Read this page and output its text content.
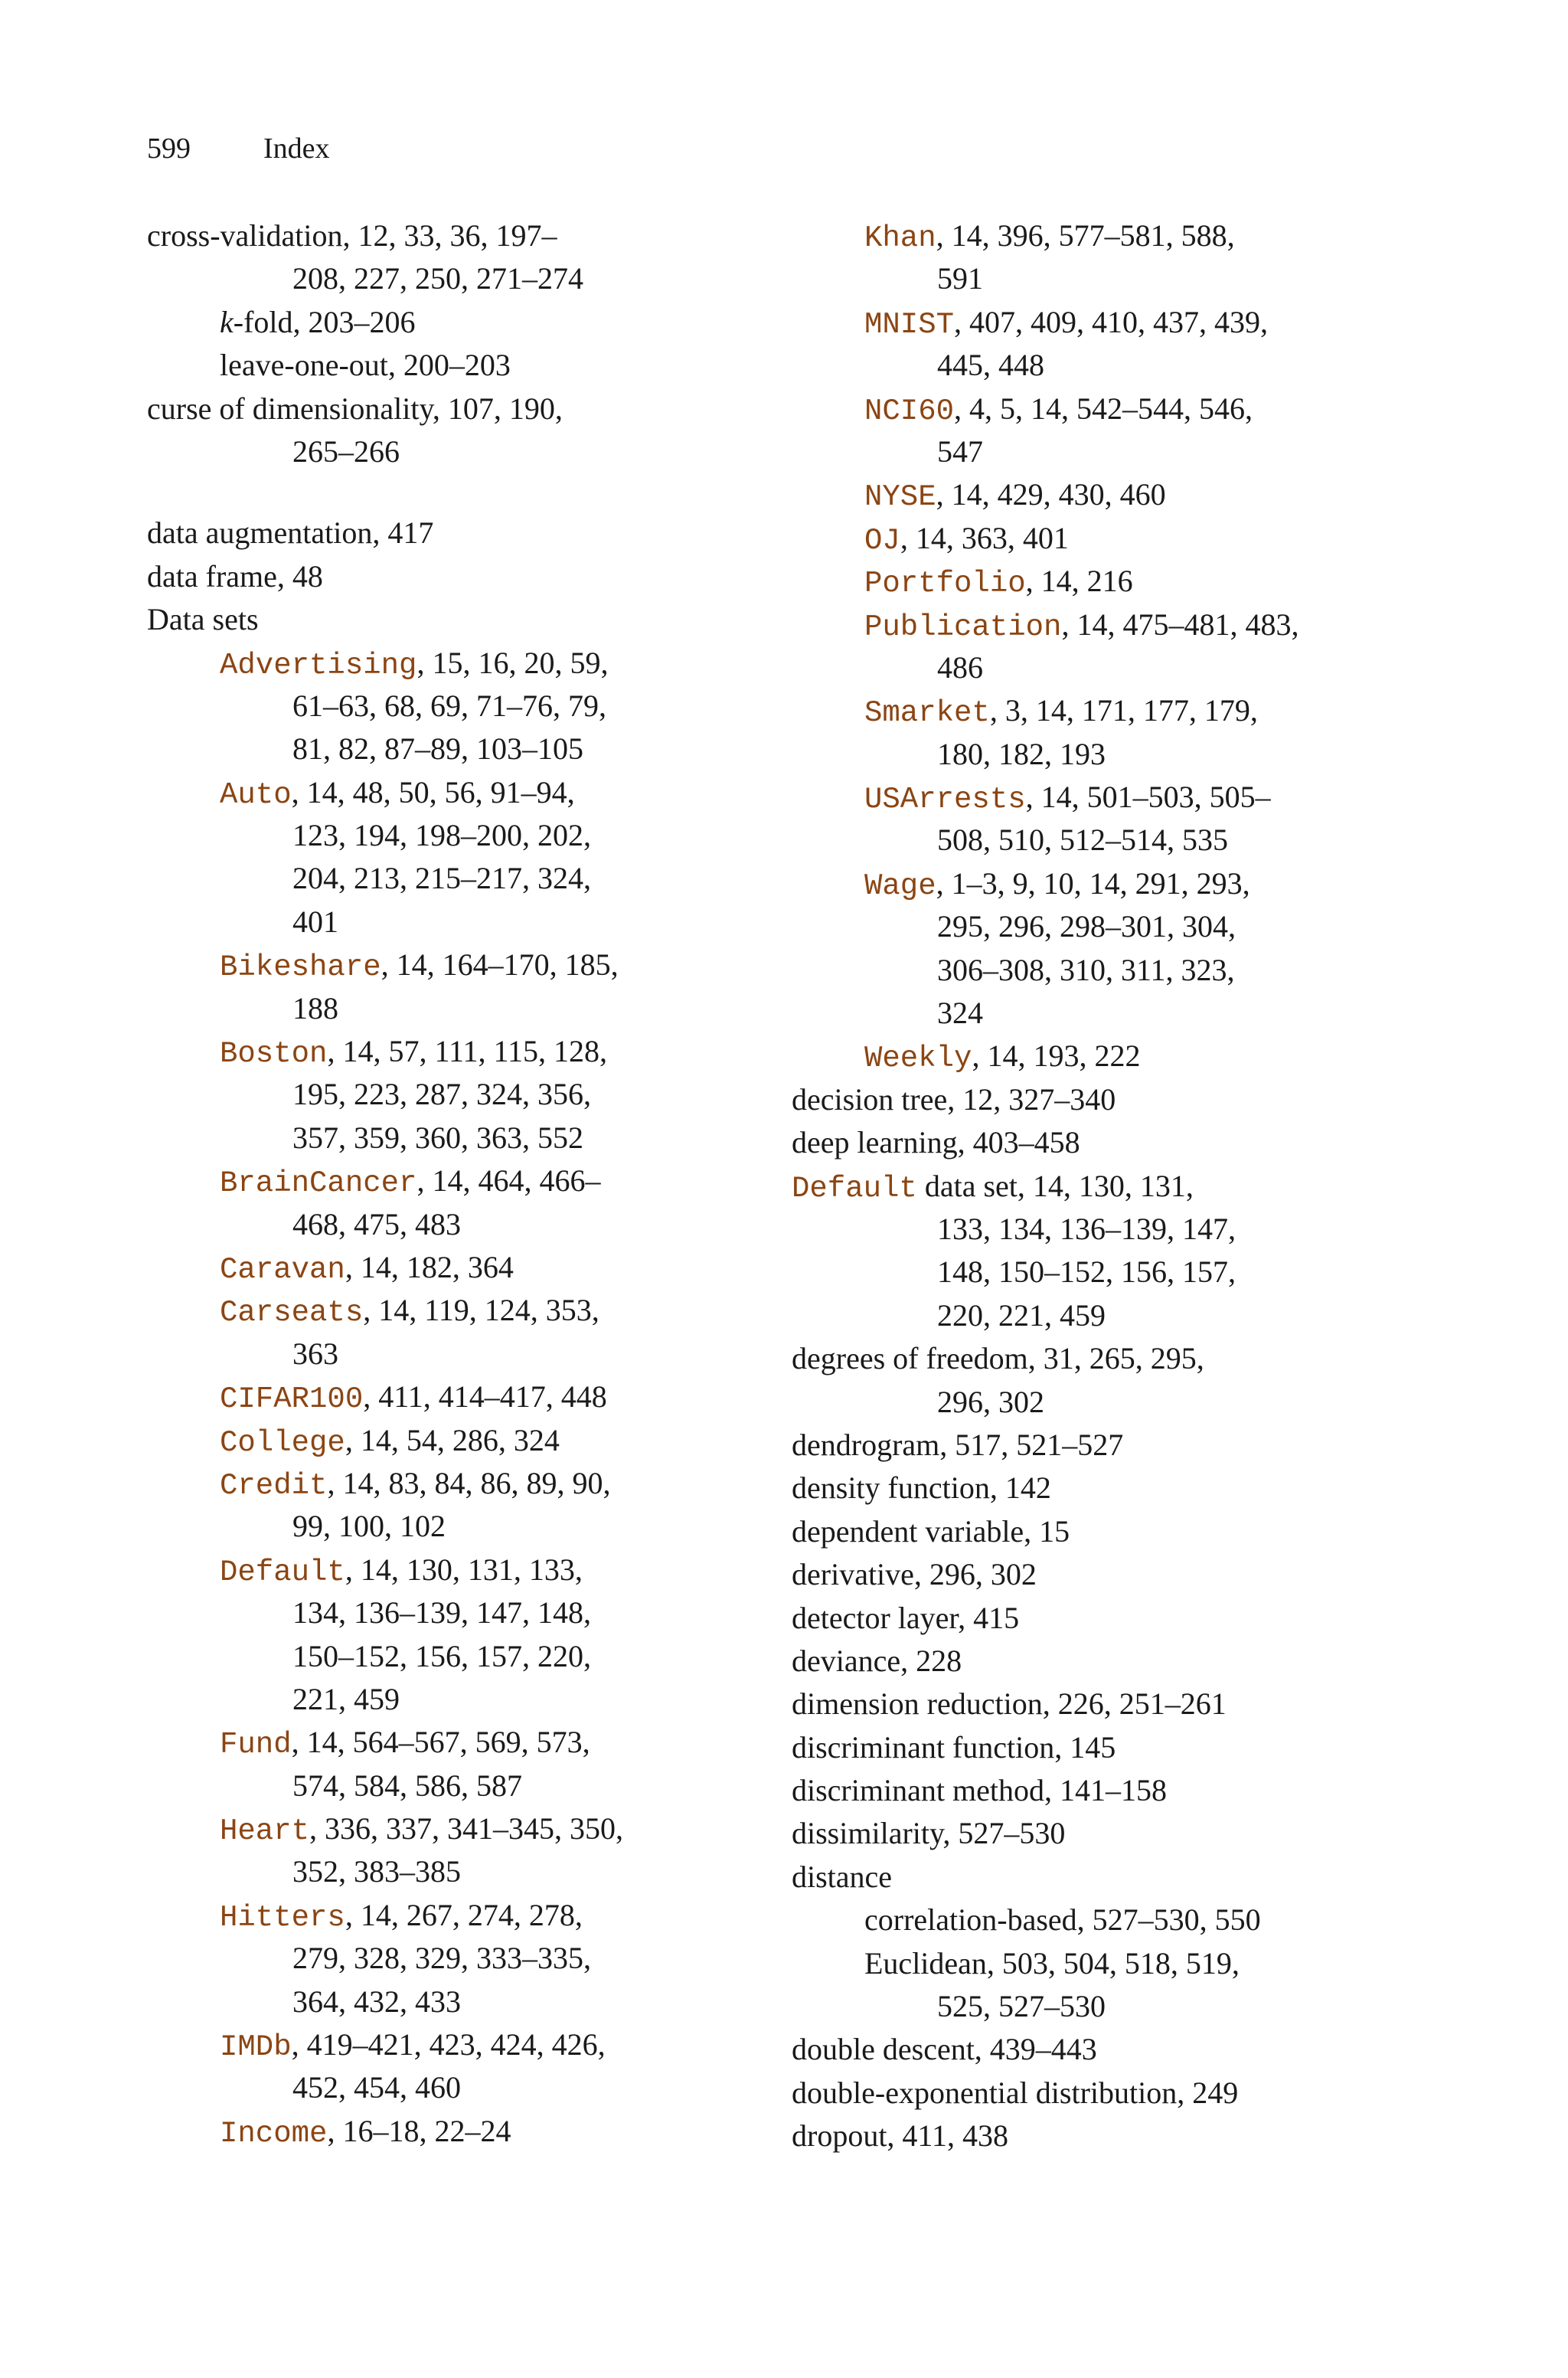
599	Index
cross-validation, 12, 33, 36, 197–
208, 227, 250, 271–274
k-fold, 203–206
leave-one-out, 200–203
curse of dimensionality, 107, 190,
265–266
data augmentation, 417
data frame, 48
Data sets
Advertising, 15, 16, 20, 59,
61–63, 68, 69, 71–76, 79,
81, 82, 87–89, 103–105
Auto, 14, 48, 50, 56, 91–94,
123, 194, 198–200, 202,
204, 213, 215–217, 324,
401
Bikeshare, 14, 164–170, 185,
188
Boston, 14, 57, 111, 115, 128,
195, 223, 287, 324, 356,
357, 359, 360, 363, 552
BrainCancer, 14, 464, 466–
468, 475, 483
Caravan, 14, 182, 364
Carseats, 14, 119, 124, 353,
363
CIFAR100, 411, 414–417, 448
College, 14, 54, 286, 324
Credit, 14, 83, 84, 86, 89, 90,
99, 100, 102
Default, 14, 130, 131, 133,
134, 136–139, 147, 148,
150–152, 156, 157, 220,
221, 459
Fund, 14, 564–567, 569, 573,
574, 584, 586, 587
Heart, 336, 337, 341–345, 350,
352, 383–385
Hitters, 14, 267, 274, 278,
279, 328, 329, 333–335,
364, 432, 433
IMDb, 419–421, 423, 424, 426,
452, 454, 460
Income, 16–18, 22–24
Khan, 14, 396, 577–581, 588,
591
MNIST, 407, 409, 410, 437, 439,
445, 448
NCI60, 4, 5, 14, 542–544, 546,
547
NYSE, 14, 429, 430, 460
OJ, 14, 363, 401
Portfolio, 14, 216
Publication, 14, 475–481, 483,
486
Smarket, 3, 14, 171, 177, 179,
180, 182, 193
USArrests, 14, 501–503, 505–
508, 510, 512–514, 535
Wage, 1–3, 9, 10, 14, 291, 293,
295, 296, 298–301, 304,
306–308, 310, 311, 323,
324
Weekly, 14, 193, 222
decision tree, 12, 327–340
deep learning, 403–458
Default data set, 14, 130, 131,
133, 134, 136–139, 147,
148, 150–152, 156, 157,
220, 221, 459
degrees of freedom, 31, 265, 295,
296, 302
dendrogram, 517, 521–527
density function, 142
dependent variable, 15
derivative, 296, 302
detector layer, 415
deviance, 228
dimension reduction, 226, 251–261
discriminant function, 145
discriminant method, 141–158
dissimilarity, 527–530
distance
correlation-based, 527–530, 550
Euclidean, 503, 504, 518, 519,
525, 527–530
double descent, 439–443
double-exponential distribution, 249
dropout, 411, 438
